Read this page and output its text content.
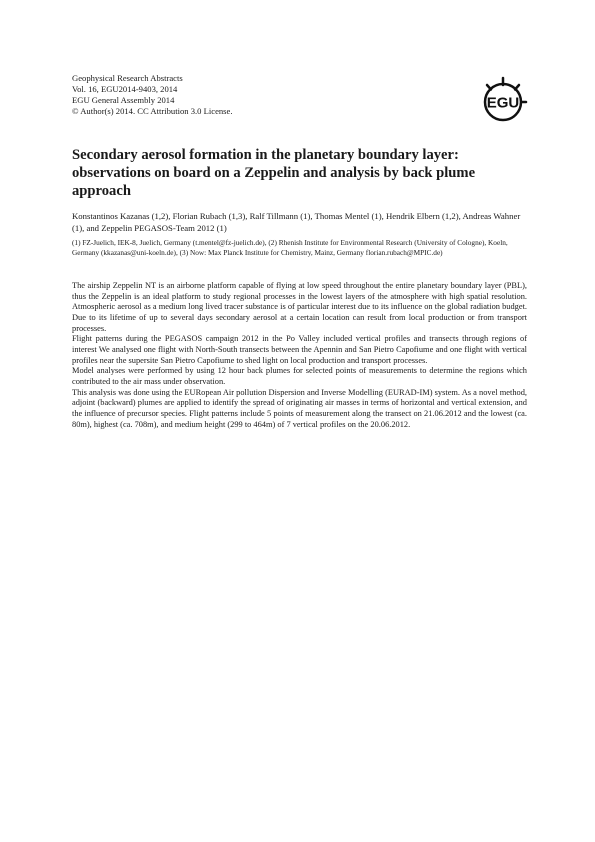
Geophysical Research Abstracts
Vol. 16, EGU2014-9403, 2014
EGU General Assembly 2014
© Author(s) 2014. CC Attribution 3.0 License.	EGU
Secondary aerosol formation in the planetary boundary layer: observations on board on a Zeppelin and analysis by back plume approach
Konstantinos Kazanas (1,2), Florian Rubach (1,3), Ralf Tillmann (1), Thomas Mentel (1), Hendrik Elbern (1,2), Andreas Wahner (1), and Zeppelin PEGASOS-Team 2012 (1)
(1) FZ-Juelich, IEK-8, Juelich, Germany (t.mentel@fz-juelich.de), (2) Rhenish Institute for Environmental Research (University of Cologne), Koeln, Germany (kkazanas@uni-koeln.de), (3) Now: Max Planck Institute for Chemistry, Mainz, Germany florian.rubach@MPIC.de)

The airship Zeppelin NT is an airborne platform capable of flying at low speed throughout the entire planetary boundary layer (PBL), thus the Zeppelin is an ideal platform to study regional processes in the lowest layers of the atmosphere with high spatial resolution. Atmospheric aerosol as a medium long lived tracer substance is of particular interest due to its influence on the global radiation budget. Due to its lifetime of up to several days secondary aerosol at a certain location can result from local production or from transport processes.

Flight patterns during the PEGASOS campaign 2012 in the Po Valley included vertical profiles and transects through regions of interest We analysed one flight with North-South transects between the Apennin and San Pietro Capofiume and one flight with vertical profiles near the supersite San Pietro Capofiume to shed light on local production and transport processes.

Model analyses were performed by using 12 hour back plumes for selected points of measurements to determine the regions which contributed to the air mass under observation.

This analysis was done using the EURopean Air pollution Dispersion and Inverse Modelling (EURAD-IM) system. As a novel method, adjoint (backward) plumes are applied to identify the spread of originating air masses in terms of horizontal and vertical extension, and the influence of precursor species. Flight patterns include 5 points of measurement along the transect on 21.06.2012 and the lowest (ca. 80m), highest (ca. 708m), and medium height (299 to 464m) of 7 vertical profiles on the 20.06.2012.
